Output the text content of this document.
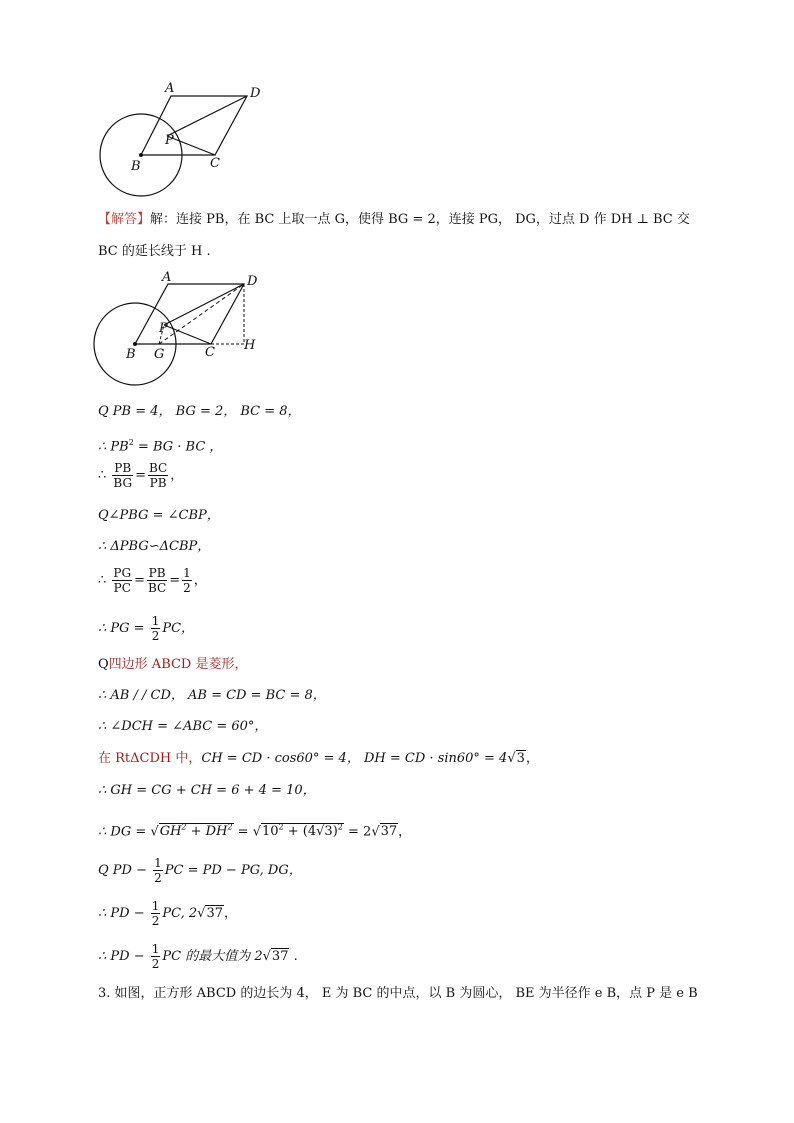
A	D
P
B	C
【解答】解：连接 PB，在 BC 上取一点 G，使得 BG = 2，连接 PG， DG，过点 D 作 DH ⊥ BC 交
BC 的延长线于 H .
A	D
P
B G	C H
Q PB = 4， BG = 2， BC = 8，
∴ $PB^2$ = BG · BC ，
∴ $\frac{PB}{BG} = \frac{BC}{PB}$ ，
Q∠PBG = ∠CBP，
∴ ΔPBG∽ΔCBP，
∴ $\frac{PG}{PC} = \frac{PB}{BC} = \frac{1}{2}$ ，
∴ PG = $\frac{1}{2}$ PC，
Q四边形 ABCD 是菱形，
∴ AB / / CD， AB = CD = BC = 8，
∴ ∠DCH = ∠ABC = 60°，
在 RtΔCDH 中，CH = CD · cos60° = 4， DH = CD · sin60° = 4√3，
∴ GH = CG + CH = 6 + 4 = 10，
∴ DG = $√GH^2 + DH^2 = √10^2 + (4√3)^2 = 2√37$，
Q PD − $\frac{1}{2}$ PC = PD − PG, DG，
∴ PD − $\frac{1}{2}$ PC, 2√37，
∴ PD − $\frac{1}{2}$ PC 的最大值为 2√37 .
3. 如图，正方形 ABCD 的边长为 4， E 为 BC 的中点，以 B 为圆心， BE 为半径作 e B，点 P 是 e B
